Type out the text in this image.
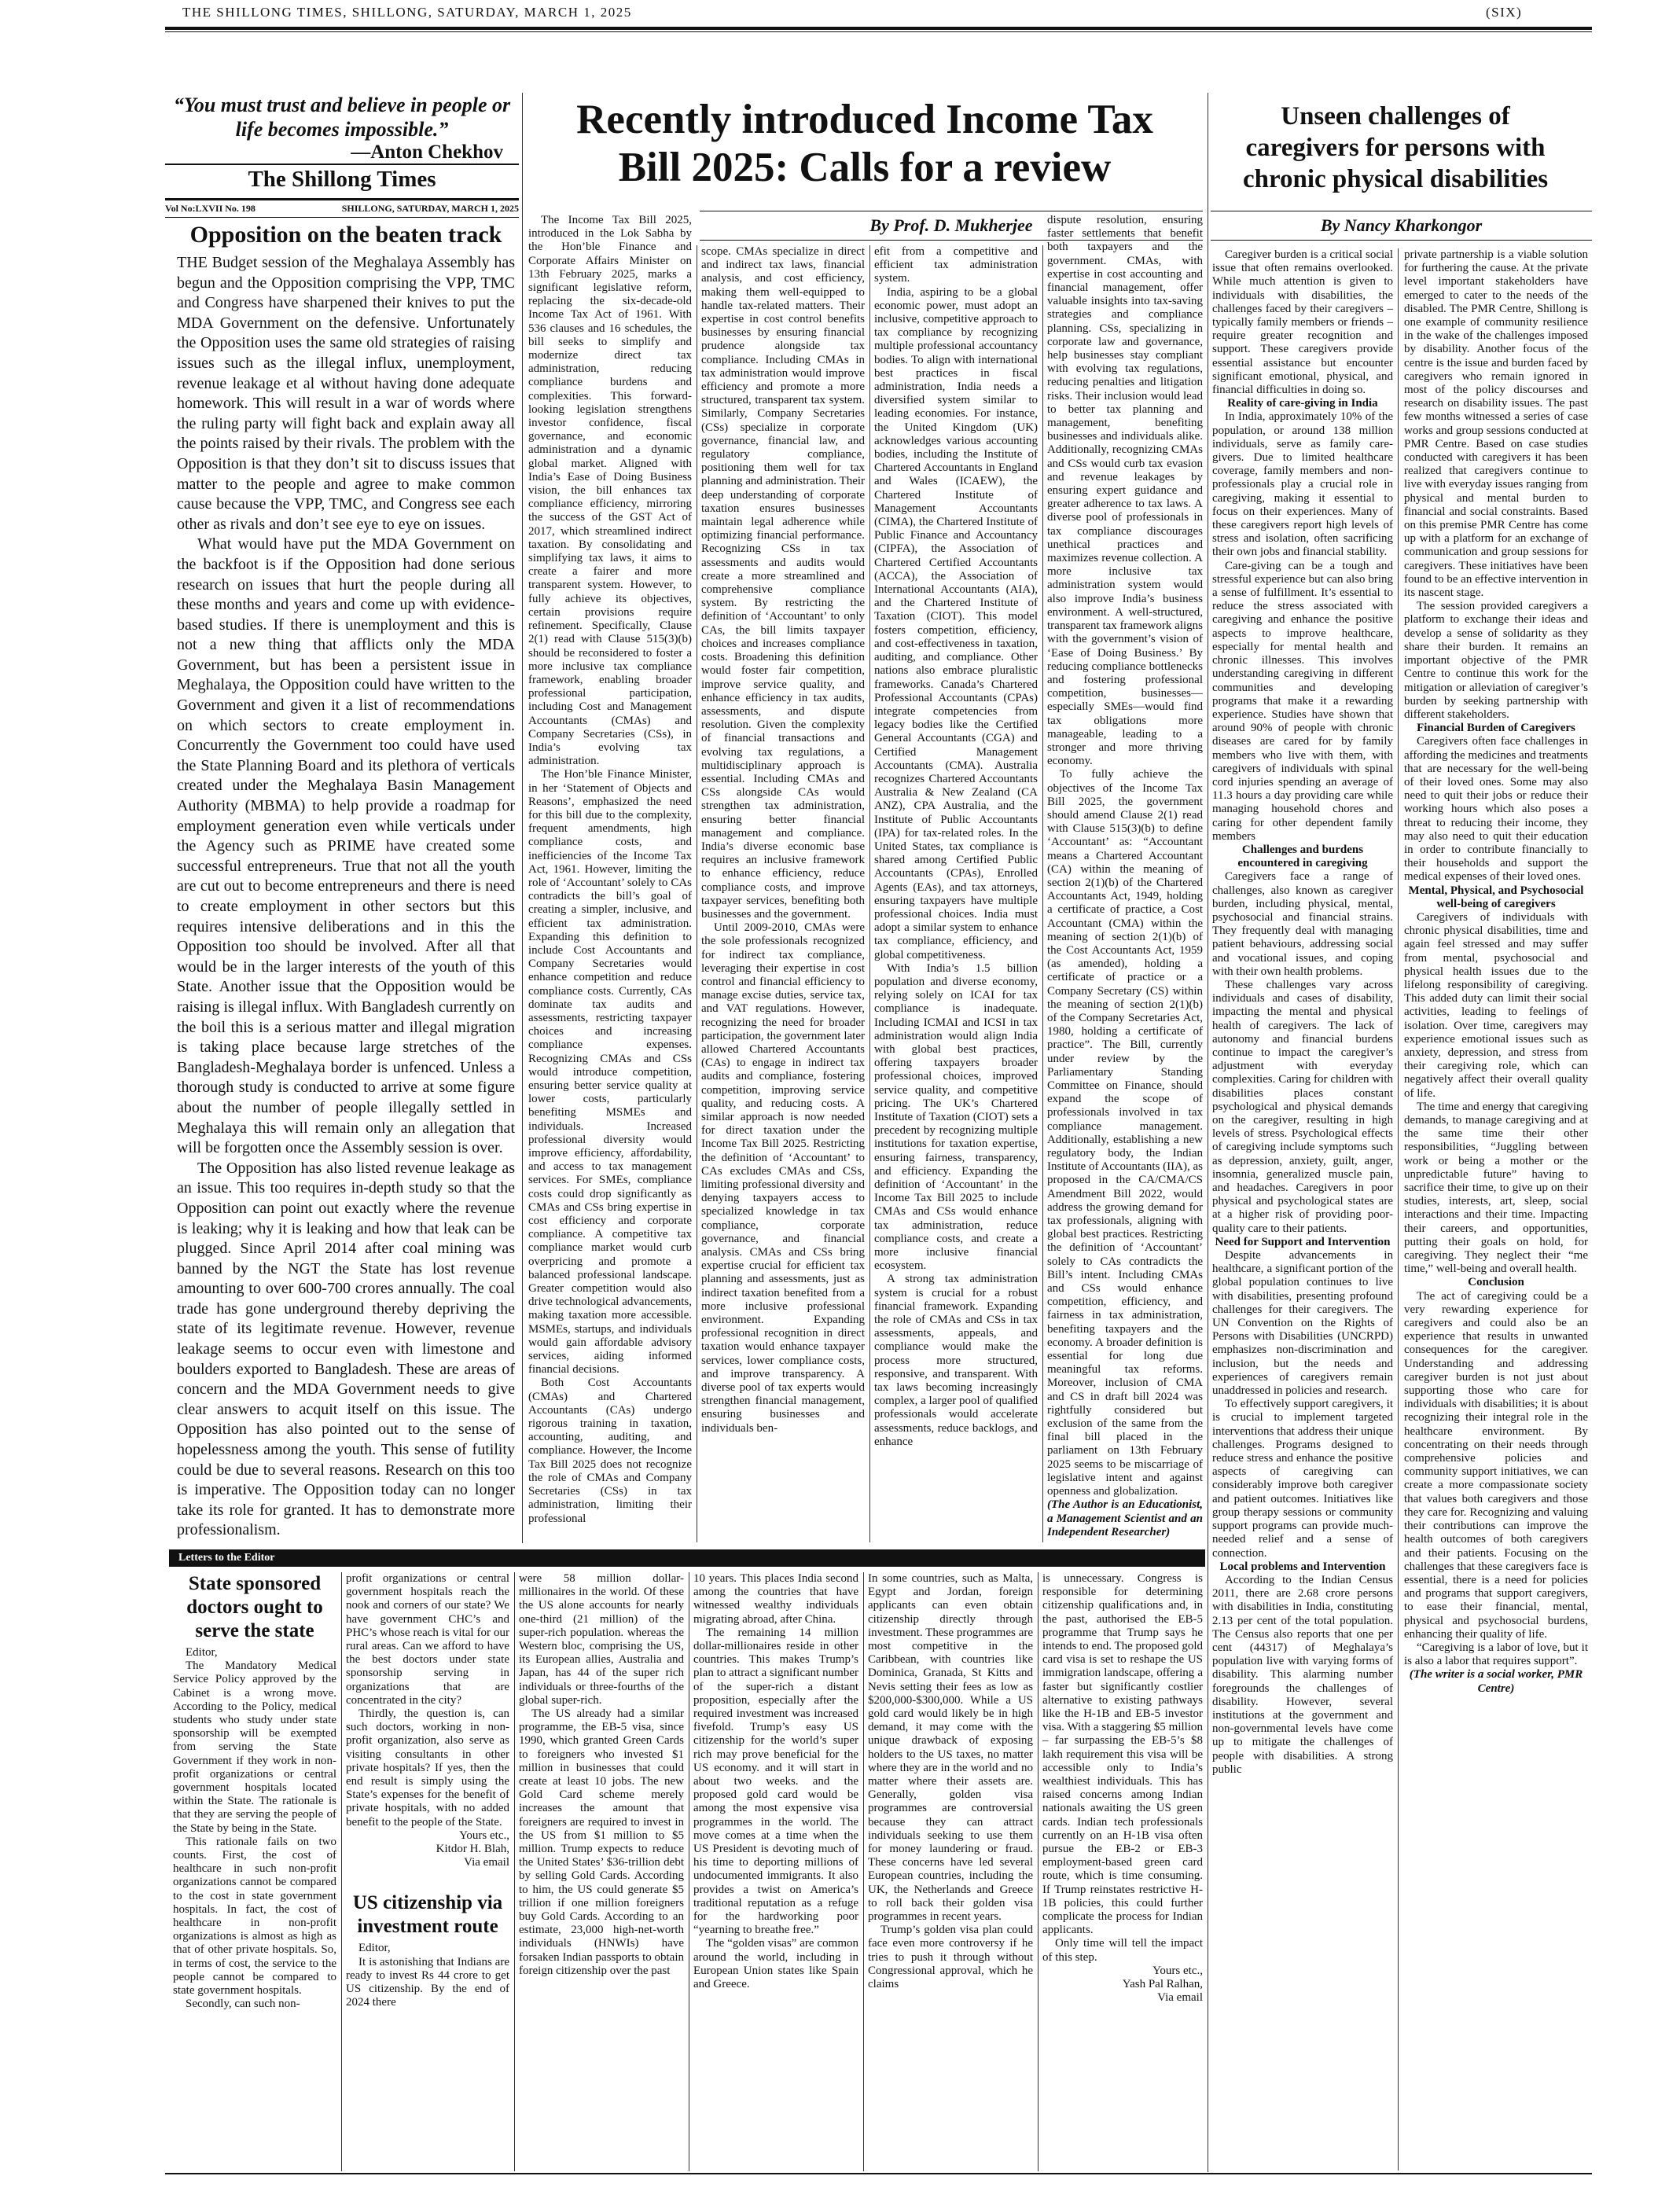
THE SHILLONG TIMES, SHILLONG, SATURDAY, MARCH 1, 2025	(SIX)
“You must trust and believe in people or life becomes impossible.”
—Anton Chekhov
The Shillong Times
Vol No:LXVII No. 198	SHILLONG, SATURDAY, MARCH 1, 2025
Opposition on the beaten track

THE Budget session of the Meghalaya Assembly has begun and the Opposition comprising the VPP, TMC and Congress have sharpened their knives to put the MDA Government on the defensive. Unfortunately the Opposition uses the same old strategies of raising issues such as the illegal influx, unemployment, revenue leakage et al without having done adequate homework. This will result in a war of words where the ruling party will fight back and explain away all the points raised by their rivals. The problem with the Opposition is that they don’t sit to discuss issues that matter to the people and agree to make common cause because the VPP, TMC, and Congress see each other as rivals and don’t see eye to eye on issues.

What would have put the MDA Government on the backfoot is if the Opposition had done serious research on issues that hurt the people during all these months and years and come up with evidence-based studies. If there is unemployment and this is not a new thing that afflicts only the MDA Government, but has been a persistent issue in Meghalaya, the Opposition could have written to the Government and given it a list of recommendations on which sectors to create employment in. Concurrently the Government too could have used the State Planning Board and its plethora of verticals created under the Meghalaya Basin Management Authority (MBMA) to help provide a roadmap for employment generation even while verticals under the Agency such as PRIME have created some successful entrepreneurs. True that not all the youth are cut out to become entrepreneurs and there is need to create employment in other sectors but this requires intensive deliberations and in this the Opposition too should be involved. After all that would be in the larger interests of the youth of this State. Another issue that the Opposition would be raising is illegal influx. With Bangladesh currently on the boil this is a serious matter and illegal migration is taking place because large stretches of the Bangladesh-Meghalaya border is unfenced. Unless a thorough study is conducted to arrive at some figure about the number of people illegally settled in Meghalaya this will remain only an allegation that will be forgotten once the Assembly session is over.

The Opposition has also listed revenue leakage as an issue. This too requires in-depth study so that the Opposition can point out exactly where the revenue is leaking; why it is leaking and how that leak can be plugged. Since April 2014 after coal mining was banned by the NGT the State has lost revenue amounting to over 600-700 crores annually. The coal trade has gone underground thereby depriving the state of its legitimate revenue. However, revenue leakage seems to occur even with limestone and boulders exported to Bangladesh. These are areas of concern and the MDA Government needs to give clear answers to acquit itself on this issue. The Opposition has also pointed out to the sense of hopelessness among the youth. This sense of futility could be due to several reasons. Research on this too is imperative. The Opposition today can no longer take its role for granted. It has to demonstrate more professionalism.

Recently introduced Income Tax
Bill 2025: Calls for a review
By Prof. D. Mukherjee

The Income Tax Bill 2025, introduced in the Lok Sabha by the Hon’ble Finance and Corporate Affairs Minister on 13th February 2025, marks a significant legislative reform, replacing the six-decade-old Income Tax Act of 1961. With 536 clauses and 16 schedules, the bill seeks to simplify and modernize direct tax administration, reducing compliance burdens and complexities. This forward-looking legislation strengthens investor confidence, fiscal governance, and economic administration and a dynamic global market. Aligned with India’s Ease of Doing Business vision, the bill enhances tax compliance efficiency, mirroring the success of the GST Act of 2017, which streamlined indirect taxation. By consolidating and simplifying tax laws, it aims to create a fairer and more transparent system. However, to fully achieve its objectives, certain provisions require refinement. Specifically, Clause 2(1) read with Clause 515(3)(b) should be reconsidered to foster a more inclusive tax compliance framework, enabling broader professional participation, including Cost and Management Accountants (CMAs) and Company Secretaries (CSs), in India’s evolving tax administration.

The Hon’ble Finance Minister, in her ‘Statement of Objects and Reasons’, emphasized the need for this bill due to the complexity, frequent amendments, high compliance costs, and inefficiencies of the Income Tax Act, 1961. However, limiting the role of ‘Accountant’ solely to CAs contradicts the bill’s goal of creating a simpler, inclusive, and efficient tax administration. Expanding this definition to include Cost Accountants and Company Secretaries would enhance competition and reduce compliance costs. Currently, CAs dominate tax audits and assessments, restricting taxpayer choices and increasing compliance expenses. Recognizing CMAs and CSs would introduce competition, ensuring better service quality at lower costs, particularly benefiting MSMEs and individuals. Increased professional diversity would improve efficiency, affordability, and access to tax management services. For SMEs, compliance costs could drop significantly as CMAs and CSs bring expertise in cost efficiency and corporate compliance. A competitive tax compliance market would curb overpricing and promote a balanced professional landscape. Greater competition would also drive technological advancements, making taxation more accessible. MSMEs, startups, and individuals would gain affordable advisory services, aiding informed financial decisions.

Both Cost Accountants (CMAs) and Chartered Accountants (CAs) undergo rigorous training in taxation, accounting, auditing, and compliance. However, the Income Tax Bill 2025 does not recognize the role of CMAs and Company Secretaries (CSs) in tax administration, limiting their professional

scope. CMAs specialize in direct and indirect tax laws, financial analysis, and cost efficiency, making them well-equipped to handle tax-related matters. Their expertise in cost control benefits businesses by ensuring financial prudence alongside tax compliance. Including CMAs in tax administration would improve efficiency and promote a more structured, transparent tax system. Similarly, Company Secretaries (CSs) specialize in corporate governance, financial law, and regulatory compliance, positioning them well for tax planning and administration. Their deep understanding of corporate taxation ensures businesses maintain legal adherence while optimizing financial performance. Recognizing CSs in tax assessments and audits would create a more streamlined and comprehensive compliance system. By restricting the definition of ‘Accountant’ to only CAs, the bill limits taxpayer choices and increases compliance costs. Broadening this definition would foster fair competition, improve service quality, and enhance efficiency in tax audits, assessments, and dispute resolution. Given the complexity of financial transactions and evolving tax regulations, a multidisciplinary approach is essential. Including CMAs and CSs alongside CAs would strengthen tax administration, ensuring better financial management and compliance. India’s diverse economic base requires an inclusive framework to enhance efficiency, reduce compliance costs, and improve taxpayer services, benefiting both businesses and the government.

Until 2009-2010, CMAs were the sole professionals recognized for indirect tax compliance, leveraging their expertise in cost control and financial efficiency to manage excise duties, service tax, and VAT regulations. However, recognizing the need for broader participation, the government later allowed Chartered Accountants (CAs) to engage in indirect tax audits and compliance, fostering competition, improving service quality, and reducing costs. A similar approach is now needed for direct taxation under the Income Tax Bill 2025. Restricting the definition of ‘Accountant’ to CAs excludes CMAs and CSs, limiting professional diversity and denying taxpayers access to specialized knowledge in tax compliance, corporate governance, and financial analysis. CMAs and CSs bring expertise crucial for efficient tax planning and assessments, just as indirect taxation benefited from a more inclusive professional environment. Expanding professional recognition in direct taxation would enhance taxpayer services, lower compliance costs, and improve transparency. A diverse pool of tax experts would strengthen financial management, ensuring businesses and individuals ben-

efit from a competitive and efficient tax administration system.

India, aspiring to be a global economic power, must adopt an inclusive, competitive approach to tax compliance by recognizing multiple professional accountancy bodies. To align with international best practices in fiscal administration, India needs a diversified system similar to leading economies. For instance, the United Kingdom (UK) acknowledges various accounting bodies, including the Institute of Chartered Accountants in England and Wales (ICAEW), the Chartered Institute of Management Accountants (CIMA), the Chartered Institute of Public Finance and Accountancy (CIPFA), the Association of Chartered Certified Accountants (ACCA), the Association of International Accountants (AIA), and the Chartered Institute of Taxation (CIOT). This model fosters competition, efficiency, and cost-effectiveness in taxation, auditing, and compliance. Other nations also embrace pluralistic frameworks. Canada’s Chartered Professional Accountants (CPAs) integrate competencies from legacy bodies like the Certified General Accountants (CGA) and Certified Management Accountants (CMA). Australia recognizes Chartered Accountants Australia & New Zealand (CA ANZ), CPA Australia, and the Institute of Public Accountants (IPA) for tax-related roles. In the United States, tax compliance is shared among Certified Public Accountants (CPAs), Enrolled Agents (EAs), and tax attorneys, ensuring taxpayers have multiple professional choices. India must adopt a similar system to enhance tax compliance, efficiency, and global competitiveness.

With India’s 1.5 billion population and diverse economy, relying solely on ICAI for tax compliance is inadequate. Including ICMAI and ICSI in tax administration would align India with global best practices, offering taxpayers broader professional choices, improved service quality, and competitive pricing. The UK’s Chartered Institute of Taxation (CIOT) sets a precedent by recognizing multiple institutions for taxation expertise, ensuring fairness, transparency, and efficiency. Expanding the definition of ‘Accountant’ in the Income Tax Bill 2025 to include CMAs and CSs would enhance tax administration, reduce compliance costs, and create a more inclusive financial ecosystem.

A strong tax administration system is crucial for a robust financial framework. Expanding the role of CMAs and CSs in tax assessments, appeals, and compliance would make the process more structured, responsive, and transparent. With tax laws becoming increasingly complex, a larger pool of qualified professionals would accelerate assessments, reduce backlogs, and enhance

dispute resolution, ensuring faster settlements that benefit both taxpayers and the government. CMAs, with expertise in cost accounting and financial management, offer valuable insights into tax-saving strategies and compliance planning. CSs, specializing in corporate law and governance, help businesses stay compliant with evolving tax regulations, reducing penalties and litigation risks. Their inclusion would lead to better tax planning and management, benefiting businesses and individuals alike. Additionally, recognizing CMAs and CSs would curb tax evasion and revenue leakages by ensuring expert guidance and greater adherence to tax laws. A diverse pool of professionals in tax compliance discourages unethical practices and maximizes revenue collection. A more inclusive tax administration system would also improve India’s business environment. A well-structured, transparent tax framework aligns with the government’s vision of ‘Ease of Doing Business.’ By reducing compliance bottlenecks and fostering professional competition, businesses—especially SMEs—would find tax obligations more manageable, leading to a stronger and more thriving economy.

To fully achieve the objectives of the Income Tax Bill 2025, the government should amend Clause 2(1) read with Clause 515(3)(b) to define ‘Accountant’ as: “Accountant means a Chartered Accountant (CA) within the meaning of section 2(1)(b) of the Chartered Accountants Act, 1949, holding a certificate of practice, a Cost Accountant (CMA) within the meaning of section 2(1)(b) of the Cost Accountants Act, 1959 (as amended), holding a certificate of practice or a Company Secretary (CS) within the meaning of section 2(1)(b) of the Company Secretaries Act, 1980, holding a certificate of practice”. The Bill, currently under review by the Parliamentary Standing Committee on Finance, should expand the scope of professionals involved in tax compliance management. Additionally, establishing a new regulatory body, the Indian Institute of Accountants (IIA), as proposed in the CA/CMA/CS Amendment Bill 2022, would address the growing demand for tax professionals, aligning with global best practices. Restricting the definition of ‘Accountant’ solely to CAs contradicts the Bill’s intent. Including CMAs and CSs would enhance competition, efficiency, and fairness in tax administration, benefiting taxpayers and the economy. A broader definition is essential for long due meaningful tax reforms. Moreover, inclusion of CMA and CS in draft bill 2024 was rightfully considered but exclusion of the same from the final bill placed in the parliament on 13th February 2025 seems to be miscarriage of legislative intent and against openness and globalization.

(The Author is an Educationist, a Management Scientist and an Independent Researcher)

Unseen challenges of
caregivers for persons with
chronic physical disabilities
By Nancy Kharkongor

Caregiver burden is a critical social issue that often remains overlooked. While much attention is given to individuals with disabilities, the challenges faced by their caregivers – typically family members or friends – require greater recognition and support. These caregivers provide essential assistance but encounter significant emotional, physical, and financial difficulties in doing so.

Reality of care-giving in India

In India, approximately 10% of the population, or around 138 million individuals, serve as family care-givers. Due to limited healthcare coverage, family members and non-professionals play a crucial role in caregiving, making it essential to focus on their experiences. Many of these caregivers report high levels of stress and isolation, often sacrificing their own jobs and financial stability.

Care-giving can be a tough and stressful experience but can also bring a sense of fulfillment. It’s essential to reduce the stress associated with caregiving and enhance the positive aspects to improve healthcare, especially for mental health and chronic illnesses. This involves understanding caregiving in different communities and developing programs that make it a rewarding experience. Studies have shown that around 90% of people with chronic diseases are cared for by family members who live with them, with caregivers of individuals with spinal cord injuries spending an average of 11.3 hours a day providing care while managing household chores and caring for other dependent family members

Challenges and burdens encountered in caregiving

Caregivers face a range of challenges, also known as caregiver burden, including physical, mental, psychosocial and financial strains. They frequently deal with managing patient behaviours, addressing social and vocational issues, and coping with their own health problems.

These challenges vary across individuals and cases of disability, impacting the mental and physical health of caregivers. The lack of autonomy and financial burdens continue to impact the caregiver’s adjustment with everyday complexities. Caring for children with disabilities places constant psychological and physical demands on the caregiver, resulting in high levels of stress. Psychological effects of caregiving include symptoms such as depression, anxiety, guilt, anger, insomnia, generalized muscle pain, and headaches. Caregivers in poor physical and psychological states are at a higher risk of providing poor-quality care to their patients.

Need for Support and Intervention

Despite advancements in healthcare, a significant portion of the global population continues to live with disabilities, presenting profound challenges for their caregivers. The UN Convention on the Rights of Persons with Disabilities (UNCRPD) emphasizes non-discrimination and inclusion, but the needs and experiences of caregivers remain unaddressed in policies and research.

To effectively support caregivers, it is crucial to implement targeted interventions that address their unique challenges. Programs designed to reduce stress and enhance the positive aspects of caregiving can considerably improve both caregiver and patient outcomes. Initiatives like group therapy sessions or community support programs can provide much-needed relief and a sense of connection.

Local problems and Intervention

According to the Indian Census 2011, there are 2.68 crore persons with disabilities in India, constituting 2.13 per cent of the total population. The Census also reports that one per cent (44317) of Meghalaya’s population live with varying forms of disability. This alarming number foregrounds the challenges of disability. However, several institutions at the government and non-governmental levels have come up to mitigate the challenges of people with disabilities. A strong public

private partnership is a viable solution for furthering the cause. At the private level important stakeholders have emerged to cater to the needs of the disabled. The PMR Centre, Shillong is one example of community resilience in the wake of the challenges imposed by disability. Another focus of the centre is the issue and burden faced by caregivers who remain ignored in most of the policy discourses and research on disability issues. The past few months witnessed a series of case works and group sessions conducted at PMR Centre. Based on case studies conducted with caregivers it has been realized that caregivers continue to live with everyday issues ranging from physical and mental burden to financial and social constraints. Based on this premise PMR Centre has come up with a platform for an exchange of communication and group sessions for caregivers. These initiatives have been found to be an effective intervention in its nascent stage.

The session provided caregivers a platform to exchange their ideas and develop a sense of solidarity as they share their burden. It remains an important objective of the PMR Centre to continue this work for the mitigation or alleviation of caregiver’s burden by seeking partnership with different stakeholders.

Financial Burden of Caregivers

Caregivers often face challenges in affording the medicines and treatments that are necessary for the well-being of their loved ones. Some may also need to quit their jobs or reduce their working hours which also poses a threat to reducing their income, they may also need to quit their education in order to contribute financially to their households and support the medical expenses of their loved ones.

Mental, Physical, and Psychosocial well-being of caregivers

Caregivers of individuals with chronic physical disabilities, time and again feel stressed and may suffer from mental, psychosocial and physical health issues due to the lifelong responsibility of caregiving. This added duty can limit their social activities, leading to feelings of isolation. Over time, caregivers may experience emotional issues such as anxiety, depression, and stress from their caregiving role, which can negatively affect their overall quality of life.

The time and energy that caregiving demands, to manage caregiving and at the same time their other responsibilities, “Juggling between work or being a mother or the unpredictable future” having to sacrifice their time, to give up on their studies, interests, art, sleep, social interactions and their time. Impacting their careers, and opportunities, putting their goals on hold, for caregiving. They neglect their “me time,” well-being and overall health.

Conclusion

The act of caregiving could be a very rewarding experience for caregivers and could also be an experience that results in unwanted consequences for the caregiver. Understanding and addressing caregiver burden is not just about supporting those who care for individuals with disabilities; it is about recognizing their integral role in the healthcare environment. By concentrating on their needs through comprehensive policies and community support initiatives, we can create a more compassionate society that values both caregivers and those they care for. Recognizing and valuing their contributions can improve the health outcomes of both caregivers and their patients. Focusing on the challenges that these caregivers face is essential, there is a need for policies and programs that support caregivers, to ease their financial, mental, physical and psychosocial burdens, enhancing their quality of life.

“Caregiving is a labor of love, but it is also a labor that requires support”.

(The writer is a social worker, PMR Centre)

Letters to the Editor
State sponsored doctors ought to serve the state

Editor,

The Mandatory Medical Service Policy approved by the Cabinet is a wrong move. According to the Policy, medical students who study under state sponsorship will be exempted from serving the State Government if they work in non-profit organizations or central government hospitals located within the State. The rationale is that they are serving the people of the State by being in the State.

This rationale fails on two counts. First, the cost of healthcare in such non-profit organizations cannot be compared to the cost in state government hospitals. In fact, the cost of healthcare in non-profit organizations is almost as high as that of other private hospitals. So, in terms of cost, the service to the people cannot be compared to state government hospitals.

Secondly, can such non-

profit organizations or central government hospitals reach the nook and corners of our state? We have government CHC’s and PHC’s whose reach is vital for our rural areas. Can we afford to have the best doctors under state sponsorship serving in organizations that are concentrated in the city?

Thirdly, the question is, can such doctors, working in non-profit organization, also serve as visiting consultants in other private hospitals? If yes, then the end result is simply using the State’s expenses for the benefit of private hospitals, with no added benefit to the people of the State.

Yours etc.,

Kitdor H. Blah,

Via email

US citizenship via investment route

Editor,

It is astonishing that Indians are ready to invest Rs 44 crore to get US citizenship. By the end of 2024 there

were 58 million dollar- millionaires in the world. Of these the US alone accounts for nearly one-third (21 million) of the super-rich population. whereas the Western bloc, comprising the US, its European allies, Australia and Japan, has 44 of the super rich individuals or three-fourths of the global super-rich.

The US already had a similar programme, the EB-5 visa, since 1990, which granted Green Cards to foreigners who invested $1 million in businesses that could create at least 10 jobs. The new Gold Card scheme merely increases the amount that foreigners are required to invest in the US from $1 million to $5 million. Trump expects to reduce the United States’ $36-trillion debt by selling Gold Cards. According to him, the US could generate $5 trillion if one million foreigners buy Gold Cards. According to an estimate, 23,000 high-net-worth individuals (HNWIs) have forsaken Indian passports to obtain foreign citizenship over the past

10 years. This places India second among the countries that have witnessed wealthy individuals migrating abroad, after China.

The remaining 14 million dollar-millionaires reside in other countries. This makes Trump’s plan to attract a significant number of the super-rich a distant proposition, especially after the required investment was increased fivefold. Trump’s easy US citizenship for the world’s super rich may prove beneficial for the US economy. and it will start in about two weeks. and the proposed gold card would be among the most expensive visa programmes in the world. The move comes at a time when the US President is devoting much of his time to deporting millions of undocumented immigrants. It also provides a twist on America’s traditional reputation as a refuge for the hardworking poor “yearning to breathe free.”

The “golden visas” are common around the world, including in European Union states like Spain and Greece.

In some countries, such as Malta, Egypt and Jordan, foreign applicants can even obtain citizenship directly through investment. These programmes are most competitive in the Caribbean, with countries like Dominica, Granada, St Kitts and Nevis setting their fees as low as $200,000-$300,000. While a US gold card would likely be in high demand, it may come with the unique drawback of exposing holders to the US taxes, no matter where they are in the world and no matter where their assets are. Generally, golden visa programmes are controversial because they can attract individuals seeking to use them for money laundering or fraud. These concerns have led several European countries, including the UK, the Netherlands and Greece to roll back their golden visa programmes in recent years.

Trump’s golden visa plan could face even more controversy if he tries to push it through without Congressional approval, which he claims

is unnecessary. Congress is responsible for determining citizenship qualifications and, in the past, authorised the EB-5 programme that Trump says he intends to end. The proposed gold card visa is set to reshape the US immigration landscape, offering a faster but significantly costlier alternative to existing pathways like the H-1B and EB-5 investor visa. With a staggering $5 million – far surpassing the EB-5’s $8 lakh requirement this visa will be accessible only to India’s wealthiest individuals. This has raised concerns among Indian nationals awaiting the US green cards. Indian tech professionals currently on an H-1B visa often pursue the EB-2 or EB-3 employment-based green card route, which is time consuming. If Trump reinstates restrictive H-1B policies, this could further complicate the process for Indian applicants.

Only time will tell the impact of this step.

Yours etc.,

Yash Pal Ralhan,

Via email
